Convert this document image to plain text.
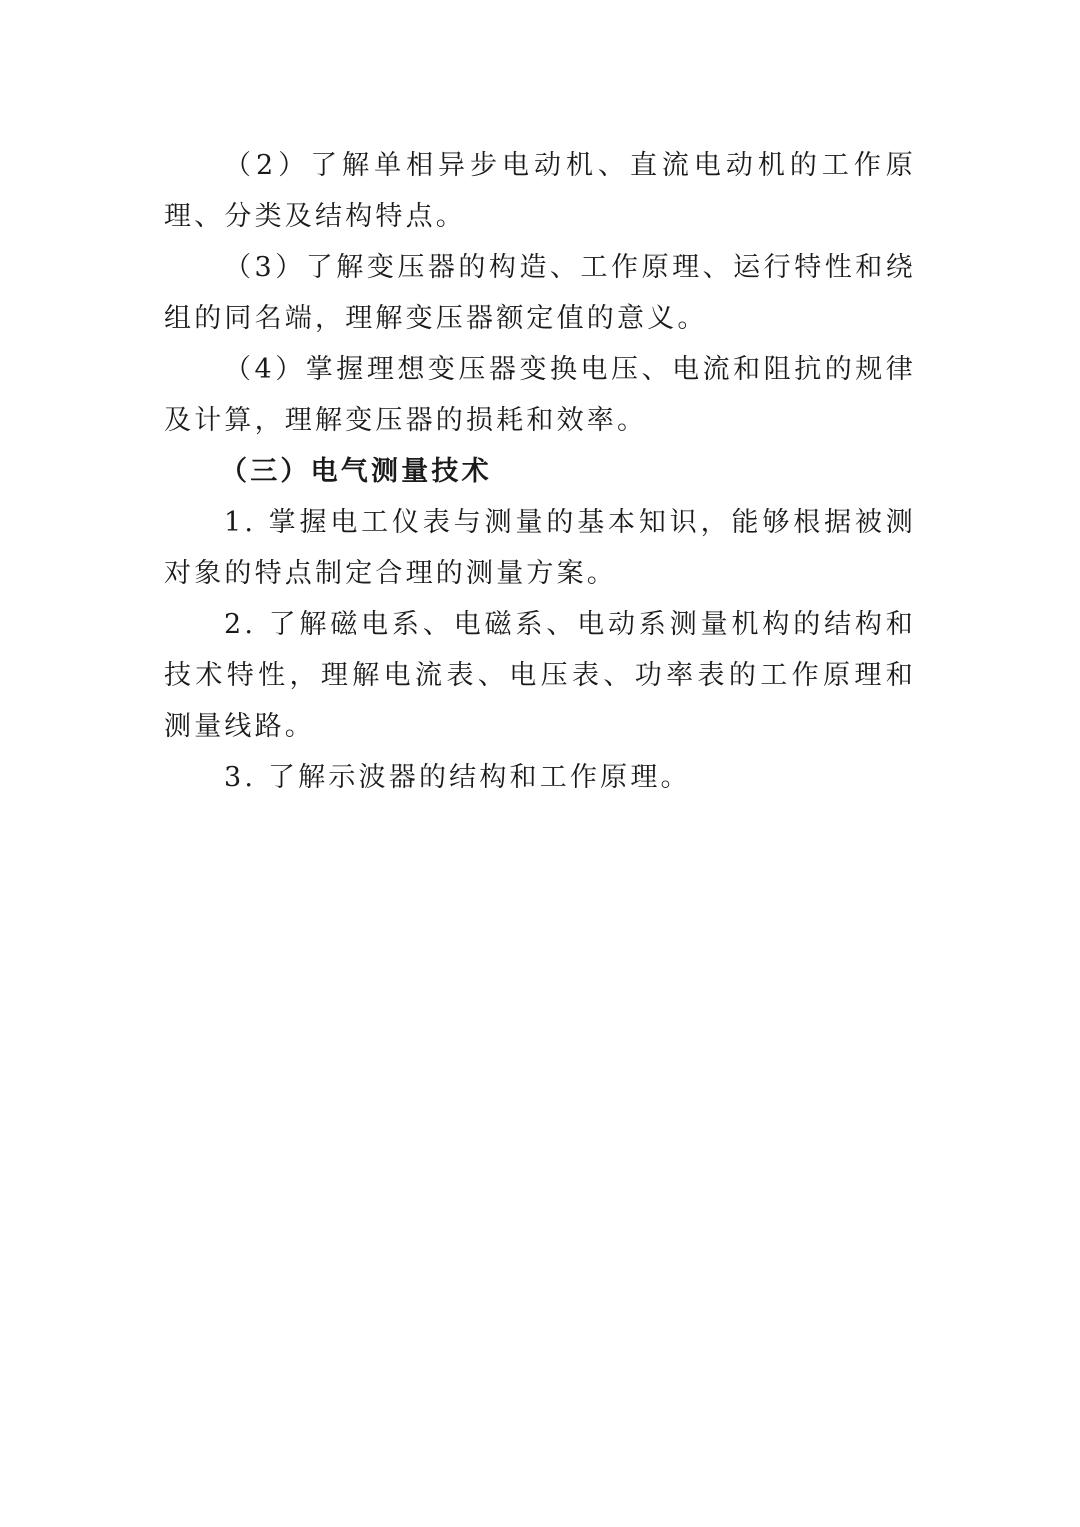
（2）了解单相异步电动机、直流电动机的工作原理、分类及结构特点。

（3）了解变压器的构造、工作原理、运行特性和绕组的同名端，理解变压器额定值的意义。

（4）掌握理想变压器变换电压、电流和阻抗的规律及计算，理解变压器的损耗和效率。

（三）电气测量技术

1. 掌握电工仪表与测量的基本知识，能够根据被测对象的特点制定合理的测量方案。

2. 了解磁电系、电磁系、电动系测量机构的结构和技术特性，理解电流表、电压表、功率表的工作原理和测量线路。

3. 了解示波器的结构和工作原理。
